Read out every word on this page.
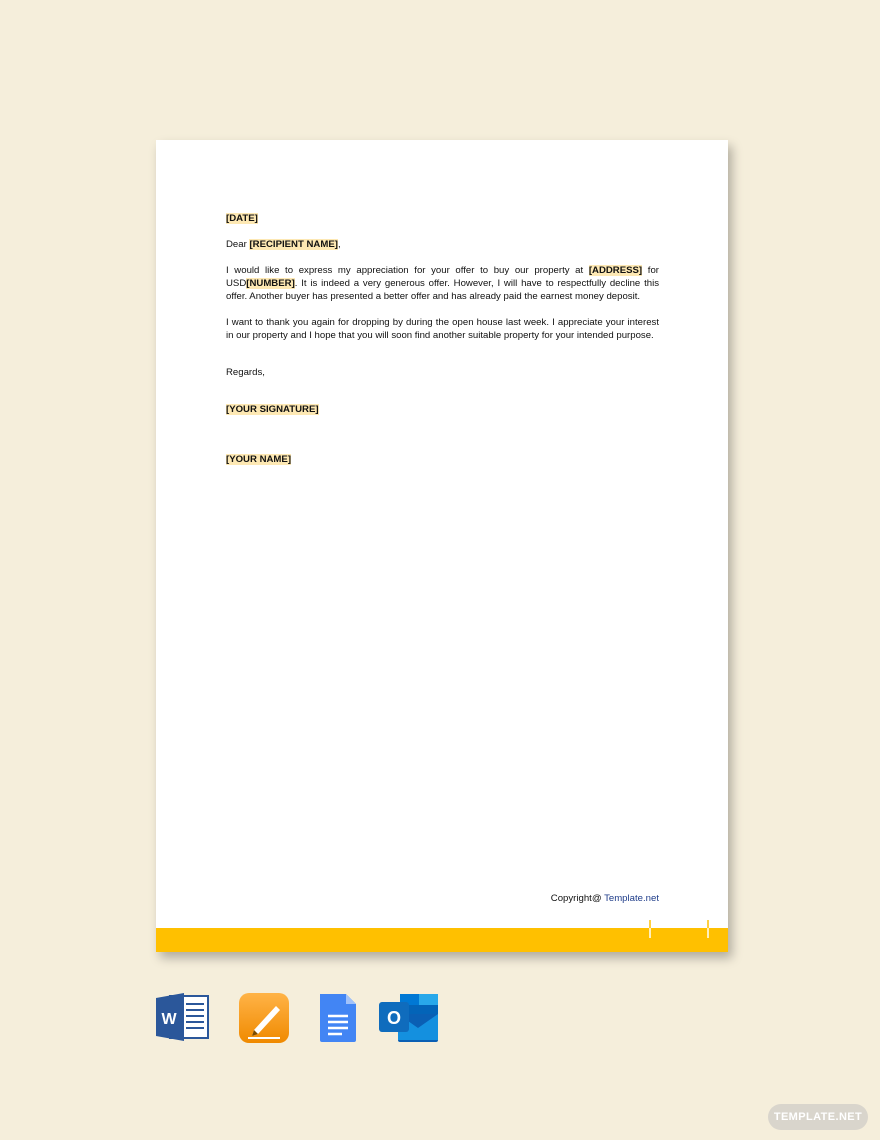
[DATE]

Dear [RECIPIENT NAME],

I would like to express my appreciation for your offer to buy our property at [ADDRESS] for USD[NUMBER]. It is indeed a very generous offer. However, I will have to respectfully decline this offer. Another buyer has presented a better offer and has already paid the earnest money deposit.

I want to thank you again for dropping by during the open house last week. I appreciate your interest in our property and I hope that you will soon find another suitable property for your intended purpose.

Regards,

[YOUR SIGNATURE]

[YOUR NAME]

Copyright@ Template.net
W	O
TEMPLATE.NET
